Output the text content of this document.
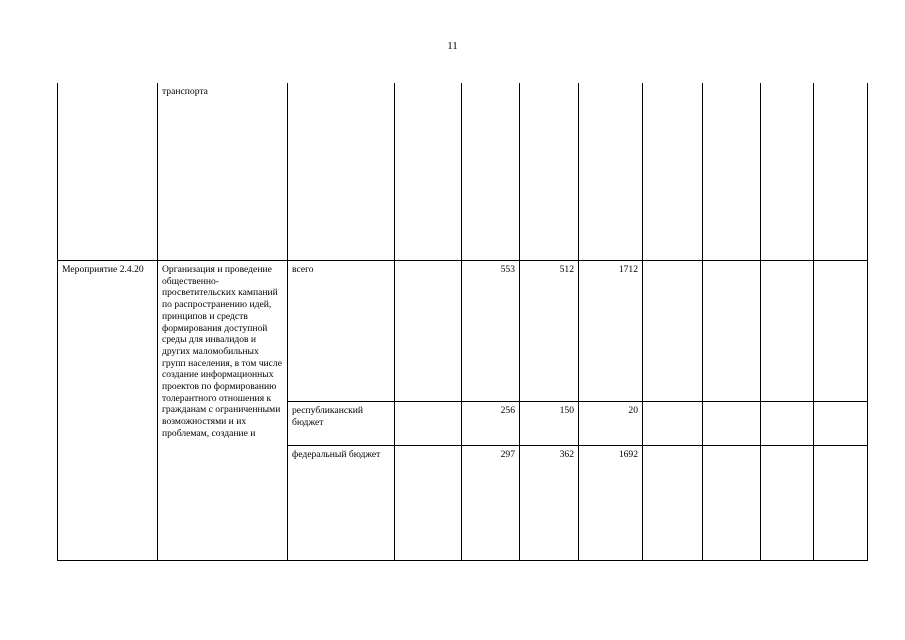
11
	транспорта									
Мероприятие 2.4.20	Организация и проведение общественно-просветительских кампаний по распространению идей, принципов и средств формирования доступной среды для инвалидов и других маломобильных групп населения, в том числе создание информационных проектов по формированию толерантного отношения к гражданам с ограниченными возможностями и их проблемам, создание и	всего		553	512	1712				
		республиканский бюджет		256	150	20				
		федеральный бюджет		297	362	1692				
